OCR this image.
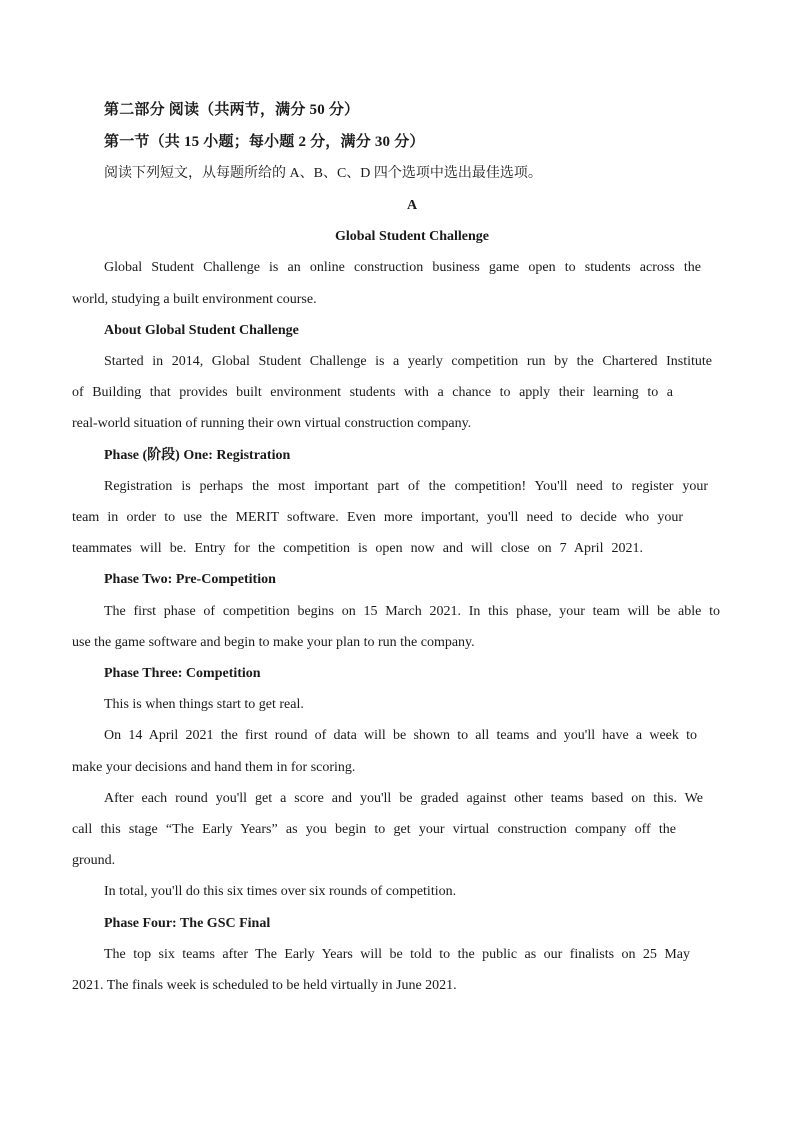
第二部分 阅读（共两节，满分 50 分）
第一节（共 15 小题；每小题 2 分，满分 30 分）
阅读下列短文，从每题所给的 A、B、C、D 四个选项中选出最佳选项。
A
Global Student Challenge
Global Student Challenge is an online construction business game open to students across the
world, studying a built environment course.
About Global Student Challenge
Started in 2014, Global Student Challenge is a yearly competition run by the Chartered Institute
of Building that provides built environment students with a chance to apply their learning to a
real-world situation of running their own virtual construction company.
Phase (阶段) One: Registration
Registration is perhaps the most important part of the competition! You'll need to register your
team in order to use the MERIT software. Even more important, you'll need to decide who your
teammates will be. Entry for the competition is open now and will close on 7 April 2021.
Phase Two: Pre-Competition
The first phase of competition begins on 15 March 2021. In this phase, your team will be able to
use the game software and begin to make your plan to run the company.
Phase Three: Competition
This is when things start to get real.
On 14 April 2021 the first round of data will be shown to all teams and you'll have a week to
make your decisions and hand them in for scoring.
After each round you'll get a score and you'll be graded against other teams based on this. We
call this stage “The Early Years” as you begin to get your virtual construction company off the
ground.
In total, you'll do this six times over six rounds of competition.
Phase Four: The GSC Final
The top six teams after The Early Years will be told to the public as our finalists on 25 May
2021. The finals week is scheduled to be held virtually in June 2021.
